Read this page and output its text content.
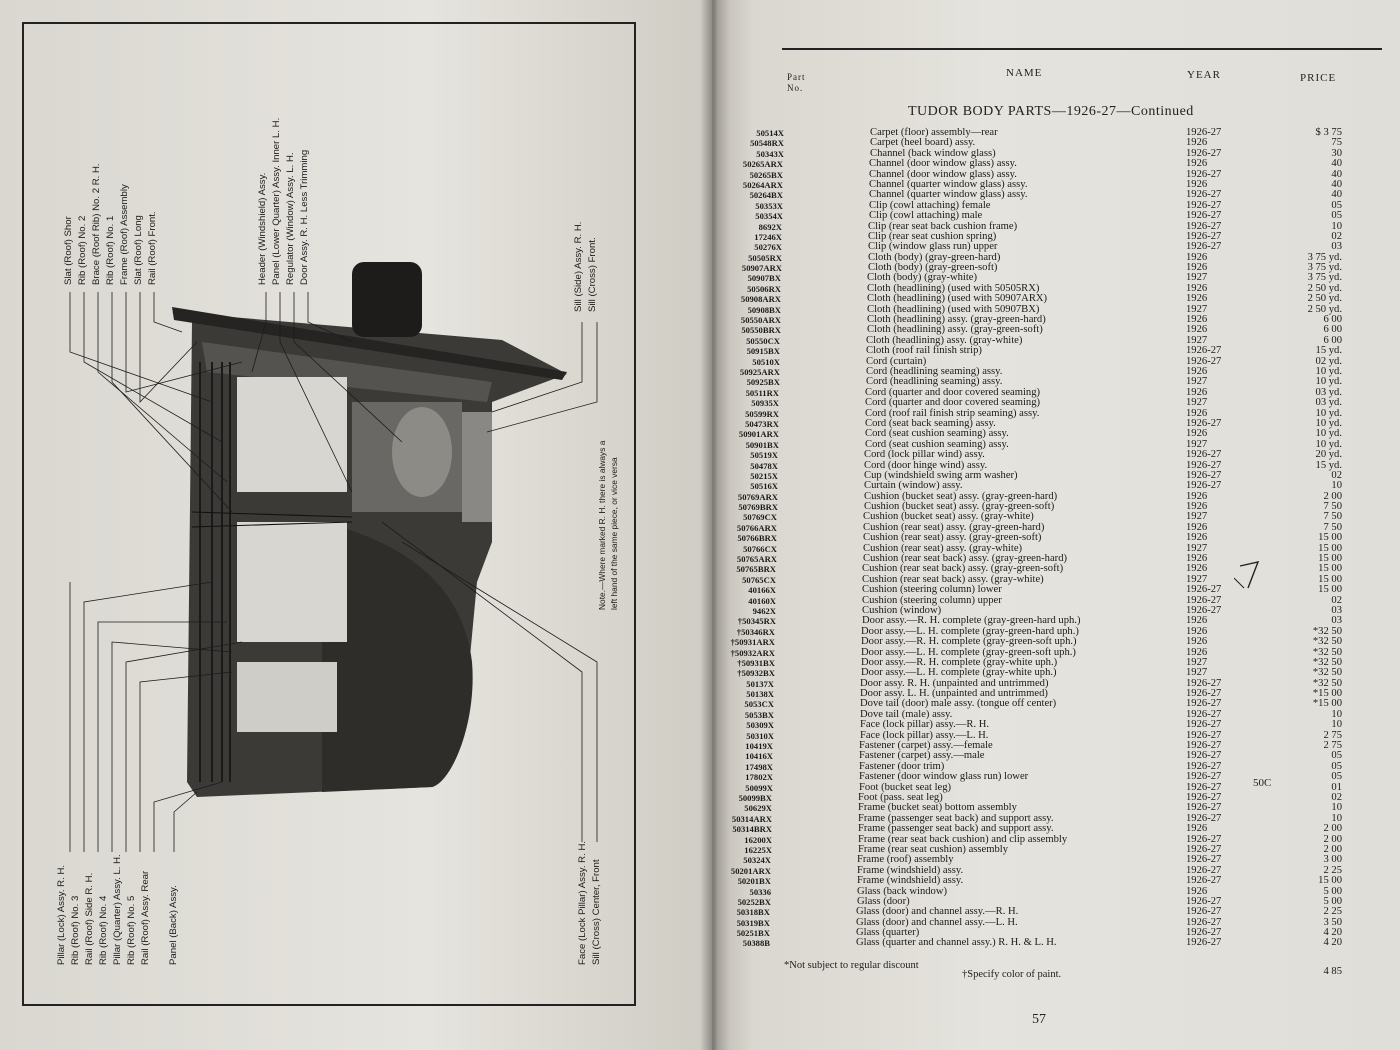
Slat (Roof) Shor Rib (Roof) No. 2 Brace (Roof Rib) No. 2 R. H. Rib (Roof) No. 1 Frame (Roof) Assembly Slat (Roof) Long Rail (Roof) Front.	Header (Windshield) Assy. Panel (Lower Quarter) Assy. Inner L. H. Regulator (Window) Assy. L. H. Door Assy. R. H. Less Trimming	Sill (Side) Assy. R. H. Sill (Cross) Front.
Pillar (Lock) Assy. R. H. Rib (Roof) No. 3 Rail (Roof) Side R. H. Rib (Roof) No. 4 Pillar (Quarter) Assy. L. H. Rib (Roof) No. 5 Rail (Roof) Assy. Rear Panel (Back) Assy.	Face (Lock Pillar) Assy. R. H. Sill (Cross) Center, Front
Note.—Where marked R. H. there is always a left hand of the same piece, or vice versa
Part
No.
NAME	YEAR	PRICE
TUDOR BODY PARTS—1926-27—Continued
50514X	Carpet (floor) assembly—rear	1926-27	$ 3 75
50548RX	Carpet (heel board) assy.	1926	75
50343X	Channel (back window glass)	1926-27	30
50265ARX	Channel (door window glass) assy.	1926	40
50265BX	Channel (door window glass) assy.	1926-27	40
50264ARX	Channel (quarter window glass) assy.	1926	40
50264BX	Channel (quarter window glass) assy.	1926-27	40
50353X	Clip (cowl attaching) female	1926-27	05
50354X	Clip (cowl attaching) male	1926-27	05
8692X	Clip (rear seat back cushion frame)	1926-27	10
17246X	Clip (rear seat cushion spring)	1926-27	02
50276X	Clip (window glass run) upper	1926-27	03
50505RX	Cloth (body) (gray-green-hard)	1926	3 75 yd.
50907ARX	Cloth (body) (gray-green-soft)	1926	3 75 yd.
50907BX	Cloth (body) (gray-white)	1927	3 75 yd.
50506RX	Cloth (headlining) (used with 50505RX)	1926	2 50 yd.
50908ARX	Cloth (headlining) (used with 50907ARX)	1926	2 50 yd.
50908BX	Cloth (headlining) (used with 50907BX)	1927	2 50 yd.
50550ARX	Cloth (headlining) assy. (gray-green-hard)	1926	6 00
50550BRX	Cloth (headlining) assy. (gray-green-soft)	1926	6 00
50550CX	Cloth (headlining) assy. (gray-white)	1927	6 00
50915BX	Cloth (roof rail finish strip)	1926-27	15 yd.
50510X	Cord (curtain)	1926-27	02 yd.
50925ARX	Cord (headlining seaming) assy.	1926	10 yd.
50925BX	Cord (headlining seaming) assy.	1927	10 yd.
50511RX	Cord (quarter and door covered seaming)	1926	03 yd.
50935X	Cord (quarter and door covered seaming)	1927	03 yd.
50599RX	Cord (roof rail finish strip seaming) assy.	1926	10 yd.
50473RX	Cord (seat back seaming) assy.	1926-27	10 yd.
50901ARX	Cord (seat cushion seaming) assy.	1926	10 yd.
50901BX	Cord (seat cushion seaming) assy.	1927	10 yd.
50519X	Cord (lock pillar wind) assy.	1926-27	20 yd.
50478X	Cord (door hinge wind) assy.	1926-27	15 yd.
50215X	Cup (windshield swing arm washer)	1926-27	02
50516X	Curtain (window) assy.	1926-27	10
50769ARX	Cushion (bucket seat) assy. (gray-green-hard)	1926	2 00
50769BRX	Cushion (bucket seat) assy. (gray-green-soft)	1926	7 50
50769CX	Cushion (bucket seat) assy. (gray-white)	1927	7 50
50766ARX	Cushion (rear seat) assy. (gray-green-hard)	1926	7 50
50766BRX	Cushion (rear seat) assy. (gray-green-soft)	1926	15 00
50766CX	Cushion (rear seat) assy. (gray-white)	1927	15 00
50765ARX	Cushion (rear seat back) assy. (gray-green-hard)	1926	15 00
50765BRX	Cushion (rear seat back) assy. (gray-green-soft)	1926	15 00
50765CX	Cushion (rear seat back) assy. (gray-white)	1927	15 00
40166X	Cushion (steering column) lower	1926-27	15 00
40160X	Cushion (steering column) upper	1926-27	02
9462X	Cushion (window)	1926-27	03
†50345RX	Door assy.—R. H. complete (gray-green-hard uph.)	1926	03
†50346RX	Door assy.—L. H. complete (gray-green-hard uph.)	1926	*32 50
†50931ARX	Door assy.—R. H. complete (gray-green-soft uph.)	1926	*32 50
†50932ARX	Door assy.—L. H. complete (gray-green-soft uph.)	1926	*32 50
†50931BX	Door assy.—R. H. complete (gray-white uph.)	1927	*32 50
†50932BX	Door assy.—L. H. complete (gray-white uph.)	1927	*32 50
50137X	Door assy. R. H. (unpainted and untrimmed)	1926-27	*32 50
50138X	Door assy. L. H. (unpainted and untrimmed)	1926-27	*15 00
5053CX	Dove tail (door) male assy. (tongue off center)	1926-27	*15 00
5053BX	Dove tail (male) assy.	1926-27	10
50309X	Face (lock pillar) assy.—R. H.	1926-27	10
50310X	Face (lock pillar) assy.—L. H.	1926-27	2 75
10419X	Fastener (carpet) assy.—female	1926-27	2 75
10416X	Fastener (carpet) assy.—male	1926-27	05
17498X	Fastener (door trim)	1926-27	05
17802X	Fastener (door window glass run) lower	1926-27	05
50099X	Foot (bucket seat leg)	1926-27	01
50099BX	Foot (pass. seat leg)	1926-27	02
50629X	Frame (bucket seat) bottom assembly	1926-27	10
50314ARX	Frame (passenger seat back) and support assy.	1926-27	10
50314BRX	Frame (passenger seat back) and support assy.	1926	2 00
16200X	Frame (rear seat back cushion) and clip assembly	1926-27	2 00
16225X	Frame (rear seat cushion) assembly	1926-27	2 00
50324X	Frame (roof) assembly	1926-27	3 00
50201ARX	Frame (windshield) assy.	1926-27	2 25
50201BX	Frame (windshield) assy.	1926-27	15 00
50336	Glass (back window)	1926	5 00
50252BX	Glass (door)	1926-27	5 00
50318BX	Glass (door) and channel assy.—R. H.	1926-27	2 25
50319BX	Glass (door) and channel assy.—L. H.	1926-27	3 50
50251BX	Glass (quarter)	1926-27	4 20
50388B	Glass (quarter and channel assy.) R. H. & L. H.	1926-27	4 20
4 85
50C
*Not subject to regular discount
†Specify color of paint.
57
